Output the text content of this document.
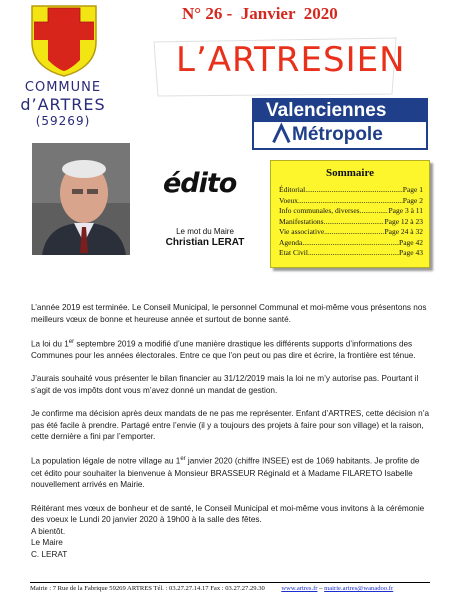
COMMUNE
d’ARTRES
(59269)
N° 26 -  Janvier  2020
L’ARTRESIEN
Valenciennes
Métropole
édito
Le mot du Maire
Christian LERAT
Sommaire
Éditorial .....	Page 1
Voeux .....	Page 2
Info communales, diverses .....	Page 3 à 11
Manifestations .....	Page 12 à 23
Vie associative .....	Page 24 à 32
Agenda .....	Page 42
Etat Civil .....	Page 43

L’année 2019 est terminée. Le Conseil Municipal, le personnel Communal et moi-même vous présentons nos meilleurs vœux de bonne et heureuse année et surtout de bonne santé.

La loi du 1er septembre 2019 a modifié d’une manière drastique les différents supports d’informations des Communes pour les années électorales. Entre ce que l’on peut ou pas dire et écrire, la frontière est ténue.

J’aurais souhaité vous présenter le bilan financier au 31/12/2019 mais la loi ne m’y autorise pas. Pourtant il s’agit de vos impôts dont vous m’avez donné un mandat de gestion.

Je confirme ma décision après deux mandats de ne pas me représenter. Enfant d’ARTRES, cette décision n’a pas été facile à prendre. Partagé entre l’envie (il y a toujours des projets à faire pour son village) et la raison, cette dernière a fini par l’emporter.

La population légale de notre village au 1er janvier 2020 (chiffre INSEE) est de 1069 habitants. Je profite de cet édito pour souhaiter la bienvenue à Monsieur BRASSEUR Réginald et à Madame FILARETO Isabelle nouvellement arrivés en Mairie.

Réitérant mes vœux de bonheur et de santé, le Conseil Municipal et moi-même vous invitons à la cérémonie des voeux le Lundi 20 janvier 2020 à 19h00 à la salle des fêtes.

A bientôt.

Le Maire

C. LERAT

Mairie : 7 Rue de la Fabrique 59269 ARTRES Tél. : 03.27.27.14.17 Fax : 03.27.27.29.30 www.artres.fr – mairie.artres@wanadoo.fr
